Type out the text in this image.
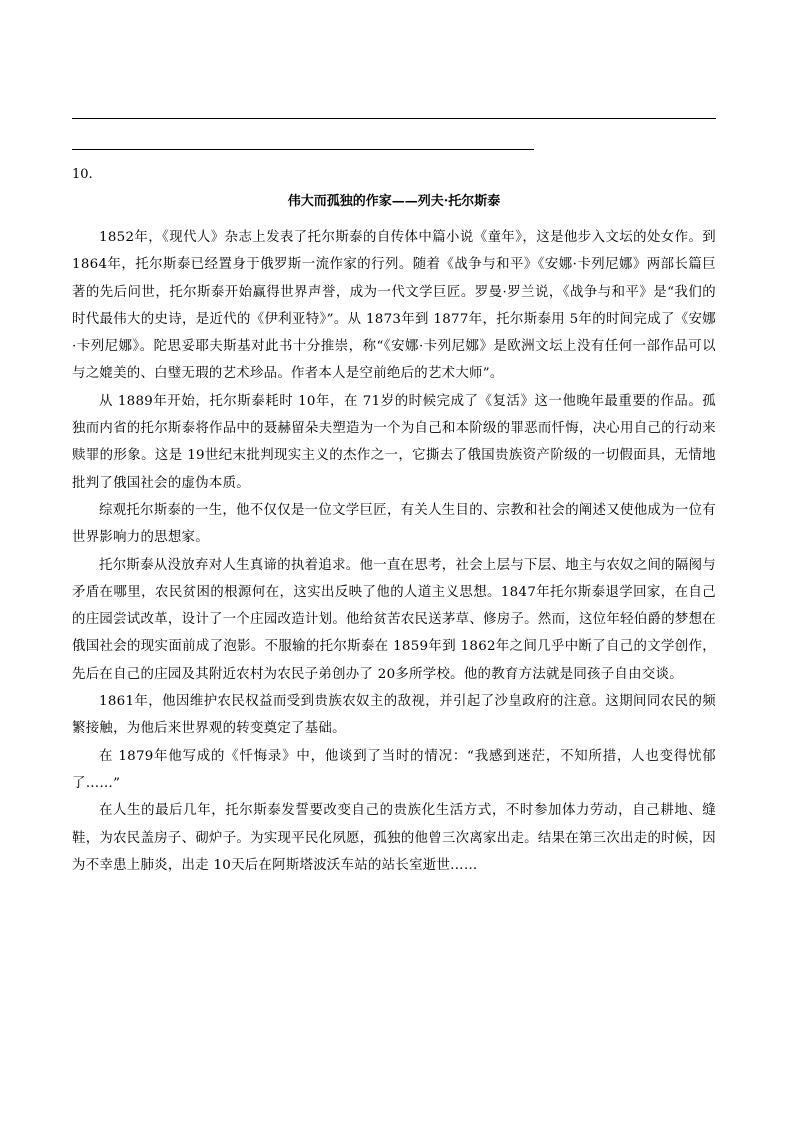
10.
伟大而孤独的作家——列夫·托尔斯泰

1852年，《现代人》杂志上发表了托尔斯泰的自传体中篇小说《童年》，这是他步入文坛的处女作。到 1864年，托尔斯泰已经置身于俄罗斯一流作家的行列。随着《战争与和平》《安娜·卡列尼娜》两部长篇巨著的先后问世，托尔斯泰开始赢得世界声誉，成为一代文学巨匠。罗曼·罗兰说，《战争与和平》是“我们的时代最伟大的史诗，是近代的《伊利亚特》”。从 1873年到 1877年，托尔斯泰用 5年的时间完成了《安娜·卡列尼娜》。陀思妥耶夫斯基对此书十分推崇，称“《安娜·卡列尼娜》是欧洲文坛上没有任何一部作品可以与之媲美的、白璧无瑕的艺术珍品。作者本人是空前绝后的艺术大师”。

从 1889年开始，托尔斯泰耗时 10年，在 71岁的时候完成了《复活》这一他晚年最重要的作品。孤独而内省的托尔斯泰将作品中的聂赫留朵夫塑造为一个为自己和本阶级的罪恶而忏悔，决心用自己的行动来赎罪的形象。这是 19世纪末批判现实主义的杰作之一，它撕去了俄国贵族资产阶级的一切假面具，无情地批判了俄国社会的虚伪本质。

综观托尔斯泰的一生，他不仅仅是一位文学巨匠，有关人生目的、宗教和社会的阐述又使他成为一位有世界影响力的思想家。

托尔斯泰从没放弃对人生真谛的执着追求。他一直在思考，社会上层与下层、地主与农奴之间的隔阂与矛盾在哪里，农民贫困的根源何在，这实出反映了他的人道主义思想。1847年托尔斯泰退学回家，在自己的庄园尝试改革，设计了一个庄园改造计划。他给贫苦农民送茅草、修房子。然而，这位年轻伯爵的梦想在俄国社会的现实面前成了泡影。不服输的托尔斯泰在 1859年到 1862年之间几乎中断了自己的文学创作，先后在自己的庄园及其附近农村为农民子弟创办了 20多所学校。他的教育方法就是同孩子自由交谈。

1861年，他因维护农民权益而受到贵族农奴主的敌视，并引起了沙皇政府的注意。这期间同农民的频繁接触，为他后来世界观的转变奠定了基础。

在 1879年他写成的《忏悔录》中，他谈到了当时的情况：“我感到迷茫，不知所措，人也变得忧郁了……”

在人生的最后几年，托尔斯泰发誓要改变自己的贵族化生活方式，不时参加体力劳动，自己耕地、缝鞋，为农民盖房子、砌炉子。为实现平民化夙愿，孤独的他曾三次离家出走。结果在第三次出走的时候，因为不幸患上肺炎，出走 10天后在阿斯塔波沃车站的站长室逝世……
